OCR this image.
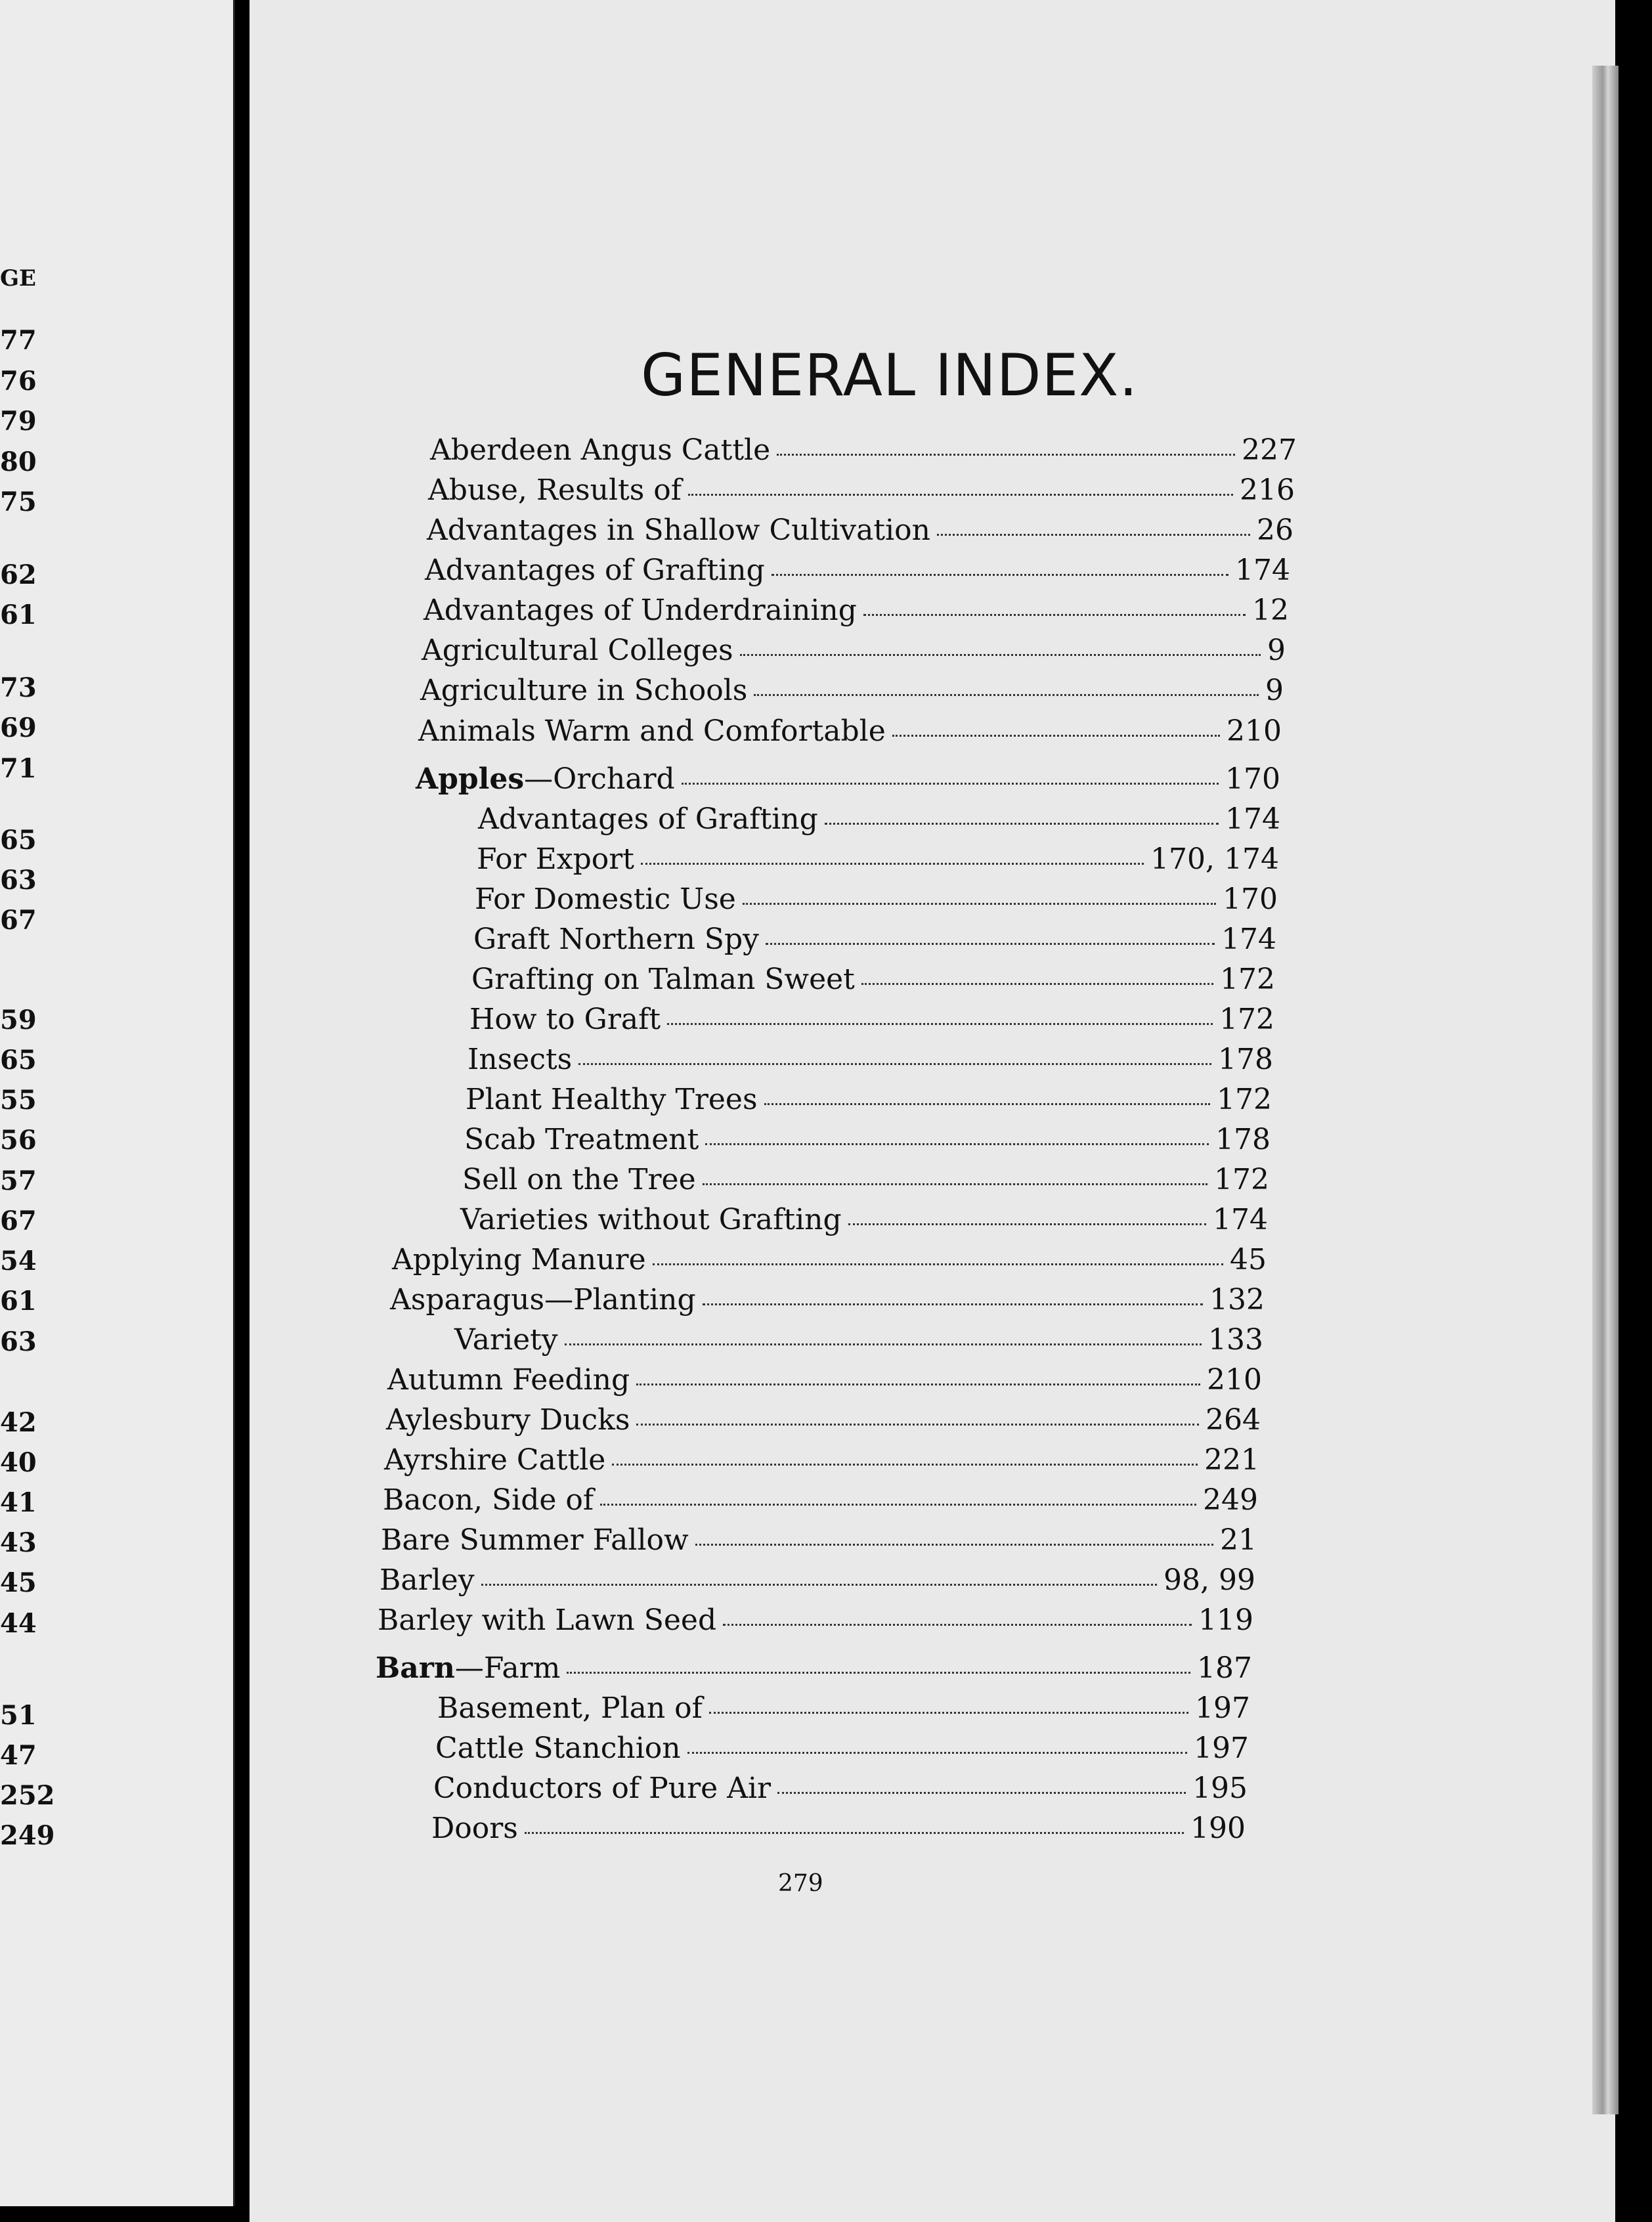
GE
77
76
79
80
75
62
61
73
69
71
65
63
67
59
65
55
56
57
67
54
61
63
42
40
41
43
45
44
51
47
252
249
GENERAL INDEX.
Aberdeen Angus Cattle	227
Abuse, Results of	216
Advantages in Shallow Cultivation	26
Advantages of Grafting	174
Advantages of Underdraining	12
Agricultural Colleges	9
Agriculture in Schools	9
Animals Warm and Comfortable	210
Apples—Orchard	170
Advantages of Grafting	174
For Export	170, 174
For Domestic Use	170
Graft Northern Spy	174
Grafting on Talman Sweet	172
How to Graft	172
Insects	178
Plant Healthy Trees	172
Scab Treatment	178
Sell on the Tree	172
Varieties without Grafting	174
Applying Manure	45
Asparagus—Planting	132
Variety	133
Autumn Feeding	210
Aylesbury Ducks	264
Ayrshire Cattle	221
Bacon, Side of	249
Bare Summer Fallow	21
Barley	98, 99
Barley with Lawn Seed	119
Barn—Farm	187
Basement, Plan of	197
Cattle Stanchion	197
Conductors of Pure Air	195
Doors	190
279
